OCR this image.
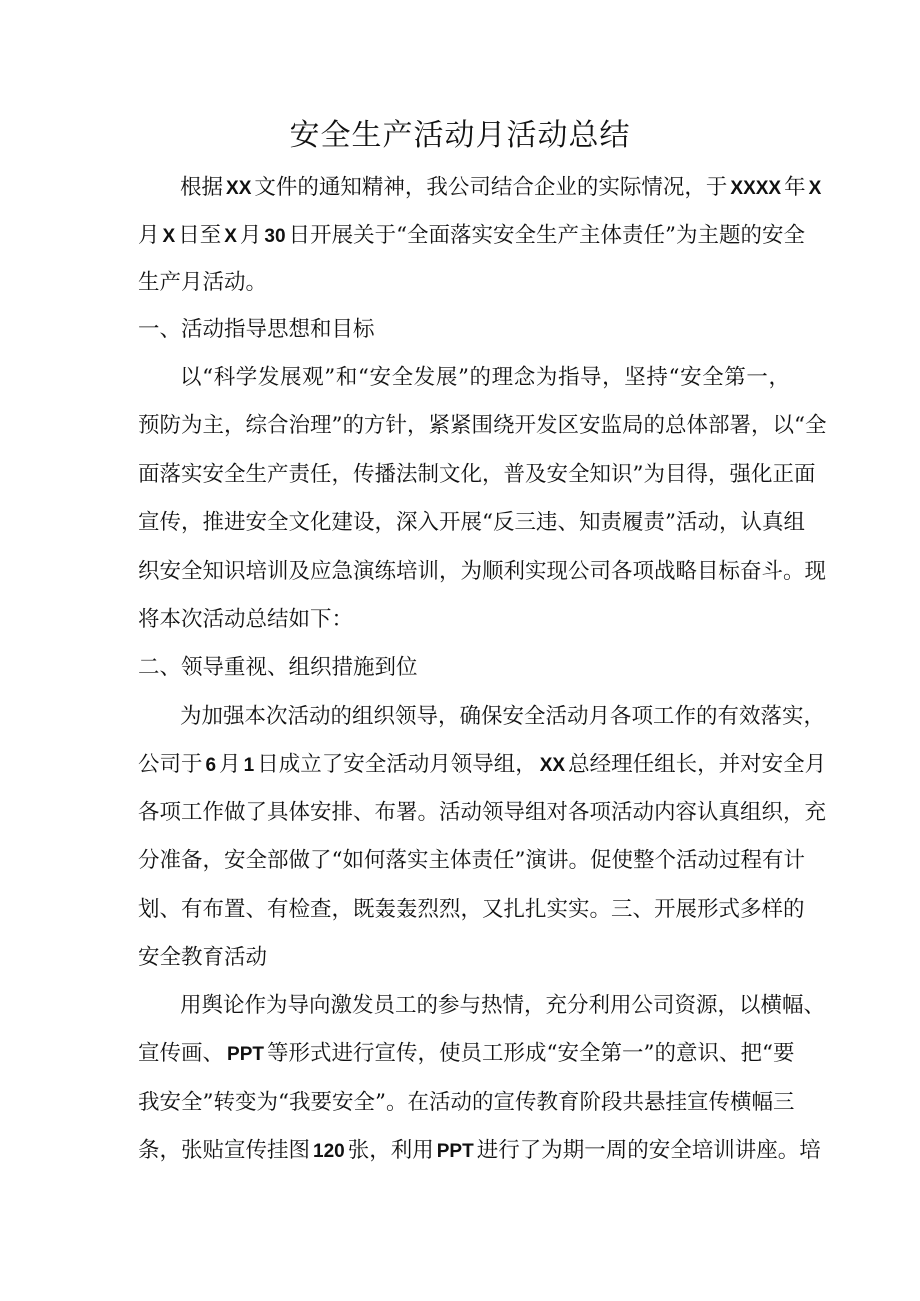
安全生产活动月活动总结
根据 XX 文件的通知精神，我公司结合企业的实际情况，于 XXXX 年 X
月 X 日至 X 月 30 日开展关于“全面落实安全生产主体责任”为主题的安全
生产月活动。
一、活动指导思想和目标
以“科学发展观”和“安全发展”的理念为指导，坚持“安全第一，
预防为主，综合治理”的方针，紧紧围绕开发区安监局的总体部署，以“全
面落实安全生产责任，传播法制文化，普及安全知识”为目得，强化正面
宣传，推进安全文化建设，深入开展“反三违、知责履责”活动，认真组
织安全知识培训及应急演练培训，为顺利实现公司各项战略目标奋斗。现
将本次活动总结如下：
二、领导重视、组织措施到位
为加强本次活动的组织领导，确保安全活动月各项工作的有效落实，
公司于 6 月 1 日成立了安全活动月领导组， XX 总经理任组长，并对安全月
各项工作做了具体安排、布署。活动领导组对各项活动内容认真组织，充
分准备，安全部做了“如何落实主体责任”演讲。促使整个活动过程有计
划、有布置、有检查，既轰轰烈烈，又扎扎实实。三、开展形式多样的
安全教育活动
用舆论作为导向激发员工的参与热情，充分利用公司资源，以横幅、
宣传画、 PPT 等形式进行宣传，使员工形成“安全第一”的意识、把“要
我安全”转变为“我要安全”。在活动的宣传教育阶段共悬挂宣传横幅三
条，张贴宣传挂图 120 张，利用 PPT 进行了为期一周的安全培训讲座。培
